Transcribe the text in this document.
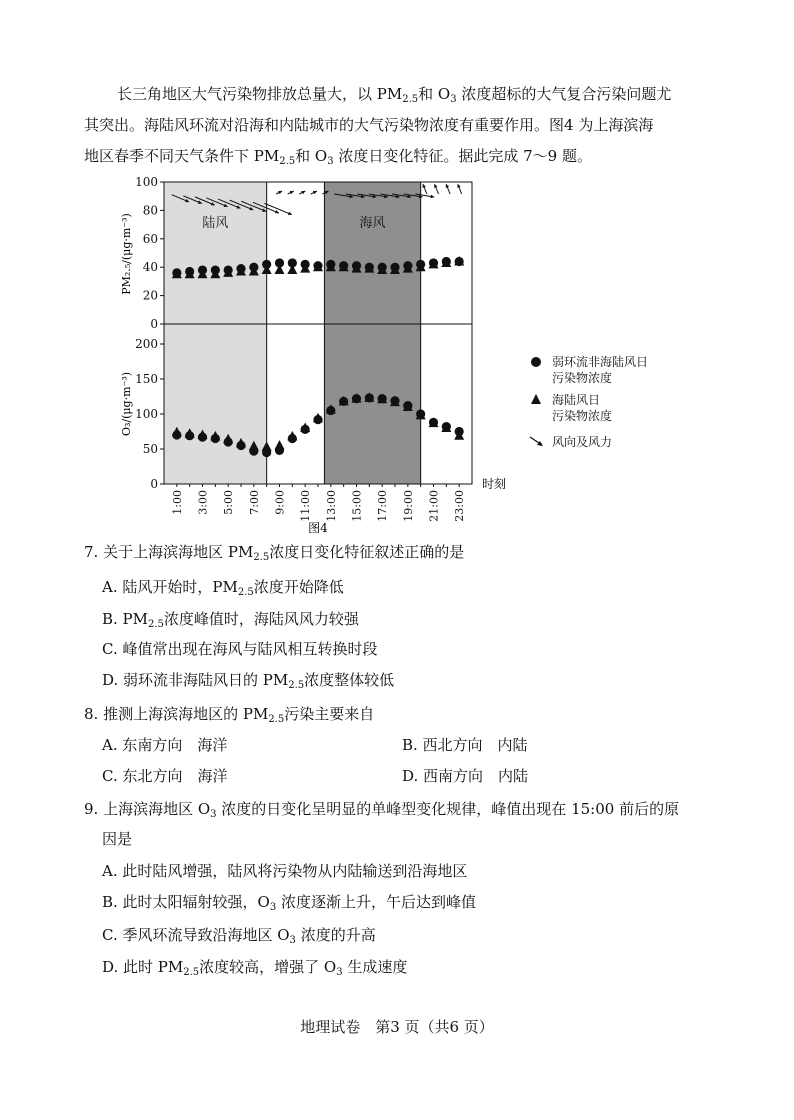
长三角地区大气污染物排放总量大，以 $PM_{2.5}$和 $O_3$ 浓度超标的大气复合污染问题尤
其突出。海陆风环流对沿海和内陆城市的大气污染物浓度有重要作用。图4 为上海滨海
地区春季不同天气条件下 $PM_{2.5}$和 $O_3$ 浓度日变化特征。据此完成 7～9 题。
陆风	海风
0
20
40
60
80
100
0
50
100
150
200
1:00 3:00 5:00 7:00 9:00 11:00 13:00 15:00 17:00 19:00 21:00 23:00
PM₂.₅/(μg·m⁻³)
O₃/(μg·m⁻³)
时刻
图4
弱环流非海陆风日
污染物浓度
海陆风日
污染物浓度
风向及风力
7. 关于上海滨海地区 $PM_{2.5}$浓度日变化特征叙述正确的是
A. 陆风开始时，$PM_{2.5}$浓度开始降低
B. $PM_{2.5}$浓度峰值时，海陆风风力较强
C. 峰值常出现在海风与陆风相互转换时段
D. 弱环流非海陆风日的 $PM_{2.5}$浓度整体较低
8. 推测上海滨海地区的 $PM_{2.5}$污染主要来自
A. 东南方向　海洋	B. 西北方向　内陆
C. 东北方向　海洋	D. 西南方向　内陆
9. 上海滨海地区 $O_3$ 浓度的日变化呈明显的单峰型变化规律，峰值出现在 15:00 前后的原
因是
A. 此时陆风增强，陆风将污染物从内陆输送到沿海地区
B. 此时太阳辐射较强，$O_3$ 浓度逐渐上升，午后达到峰值
C. 季风环流导致沿海地区 $O_3$ 浓度的升高
D. 此时 $PM_{2.5}$浓度较高，增强了 $O_3$ 生成速度
地理试卷　第3 页（共6 页）
